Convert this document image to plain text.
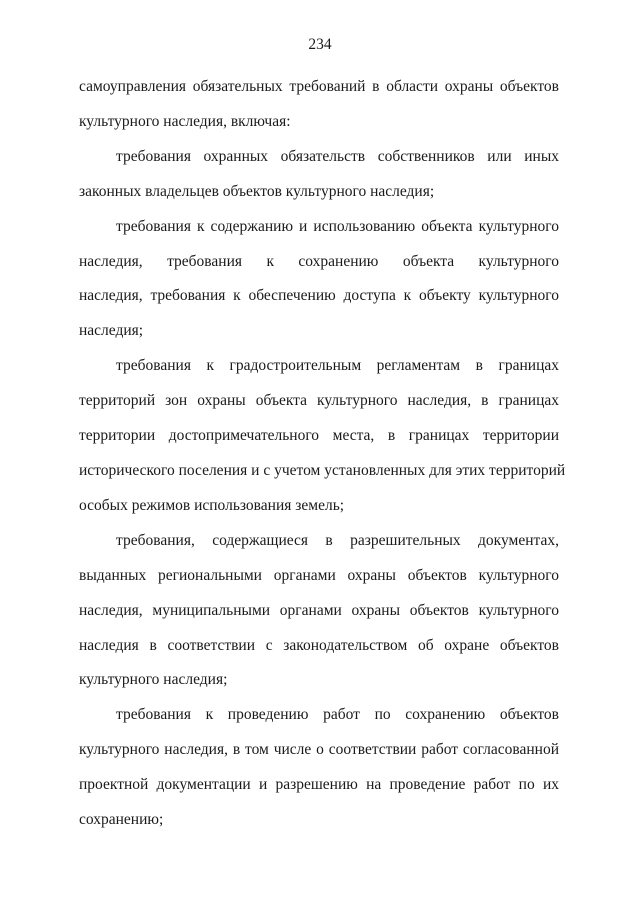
234
самоуправления обязательных требований в области охраны объектов
культурного наследия, включая:
требования охранных обязательств собственников или иных
законных владельцев объектов культурного наследия;
требования к содержанию и использованию объекта культурного
наследия, требования к сохранению объекта культурного
наследия, требования к обеспечению доступа к объекту культурного
наследия;
требования к градостроительным регламентам в границах
территорий зон охраны объекта культурного наследия, в границах
территории достопримечательного места, в границах территории
исторического поселения и с учетом установленных для этих территорий
особых режимов использования земель;
требования, содержащиеся в разрешительных документах,
выданных региональными органами охраны объектов культурного
наследия, муниципальными органами охраны объектов культурного
наследия в соответствии с законодательством об охране объектов
культурного наследия;
требования к проведению работ по сохранению объектов
культурного наследия, в том числе о соответствии работ согласованной
проектной документации и разрешению на проведение работ по их
сохранению;
